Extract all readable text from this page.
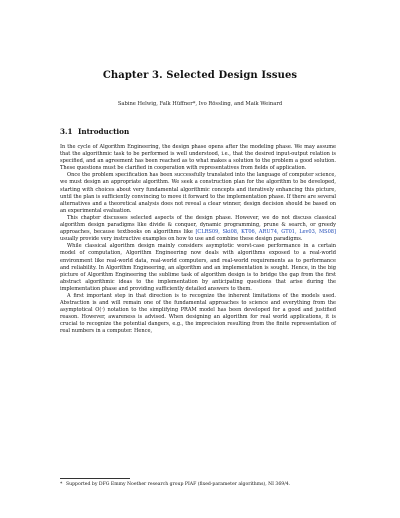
Chapter 3. Selected Design Issues
Sabine Helwig, Falk Hüffner*, Ivo Rössling, and Maik Weinard
3.1 Introduction

In the cycle of Algorithm Engineering, the design phase opens after the modeling phase. We may assume that the algorithmic task to be performed is well understood, i.e., that the desired input-output relation is specified, and an agreement has been reached as to what makes a solution to the problem a good solution. These questions must be clarified in cooperation with representatives from fields of application.

Once the problem specification has been successfully translated into the language of computer science, we must design an appropriate algorithm. We seek a construction plan for the algorithm to be developed, starting with choices about very fundamental algorithmic concepts and iteratively enhancing this picture, until the plan is sufficiently convincing to move it forward to the implementation phase. If there are several alternatives and a theoretical analysis does not reveal a clear winner, design decision should be based on an experimental evaluation.

This chapter discusses selected aspects of the design phase. However, we do not discuss classical algorithm design paradigms like divide & conquer, dynamic programming, prune & search, or greedy approaches, because textbooks on algorithms like [CLRS09, Ski08, KT06, ARU74, GT01, Lev03, MS08] usually provide very instructive examples on how to use and combine these design paradigms.

While classical algorithm design mainly considers asymptotic worst-case performance in a certain model of computation, Algorithm Engineering now deals with algorithms exposed to a real-world environment like real-world data, real-world computers, and real-world requirements as to performance and reliability. In Algorithm Engineering, an algorithm and an implementation is sought. Hence, in the big picture of Algorithm Engineering the sublime task of algorithm design is to bridge the gap from the first abstract algorithmic ideas to the implementation by anticipating questions that arise during the implementation phase and providing sufficiently detailed answers to them.

A first important step in that direction is to recognize the inherent limitations of the models used. Abstraction is and will remain one of the fundamental approaches to science and everything from the asymptotical O(·) notation to the simplifying PRAM model has been developed for a good and justified reason. However, awareness is advised. When designing an algorithm for real world applications, it is crucial to recognize the potential dangers, e.g., the imprecision resulting from the finite representation of real numbers in a computer. Hence,

* Supported by DFG Emmy Noether research group PIAF (fixed-parameter algorithms), NI 369/4.
